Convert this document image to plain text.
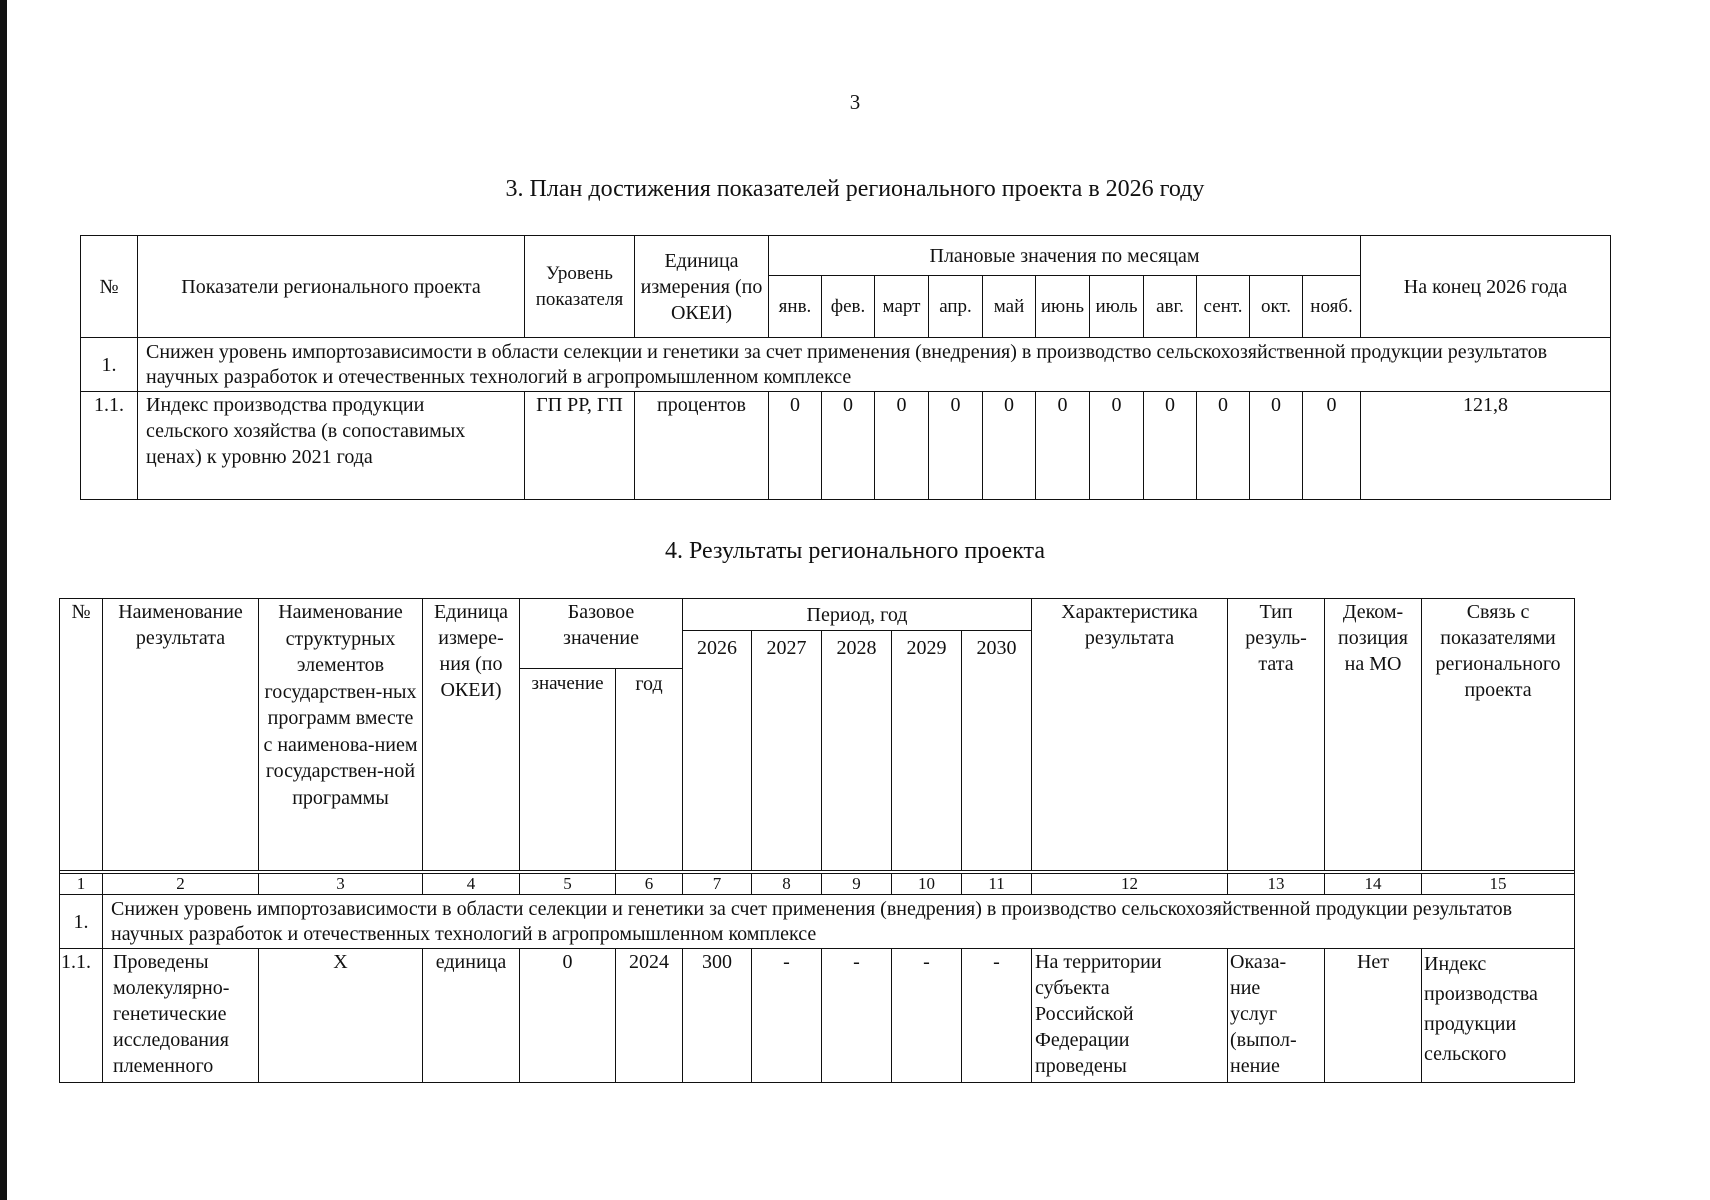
3
3. План достижения показателей регионального проекта в 2026 году
№	Показатели регионального проекта	Уровень показателя	Единица измерения (по ОКЕИ)	Плановые значения по месяцам											На конец 2026 года
				янв.	фев.	март	апр.	май	июнь	июль	авг.	сент.	окт.	нояб.	
1.	Снижен уровень импортозависимости в области селекции и генетики за счет применения (внедрения) в производство сельскохозяйственной продукции результатов научных разработок и отечественных технологий в агропромышленном комплексе														
1.1.	Индекс производства продукции сельского хозяйства (в сопоставимых ценах) к уровню 2021 года	ГП РР, ГП	процентов	0	0	0	0	0	0	0	0	0	0	0	121,8
4. Результаты регионального проекта
№	Наименование результата	Наименование структурных элементов государствен-ных программ вместе с наименова-нием государствен-ной программы	Единица измере-ния (по ОКЕИ)	Базовое значение		Период, год					Характеристика результата	Тип резуль-тата	Деком-позиция на МО	Связь с показателями регионального проекта
						2026	2027	2028	2029	2030				
				значение	год									

1	2	3	4	5	6	7	8	9	10	11	12	13	14	15
1.	Снижен уровень импортозависимости в области селекции и генетики за счет применения (внедрения) в производство сельскохозяйственной продукции результатов научных разработок и отечественных технологий в агропромышленном комплексе													
1.1.	Проведены молекулярно-генетические исследования племенного	Х	единица	0	2024	300	-	-	-	-	На территории субъекта Российской Федерации проведены	Оказа-ние услуг (выпол-нение	Нет	Индекс производства продукции сельского
